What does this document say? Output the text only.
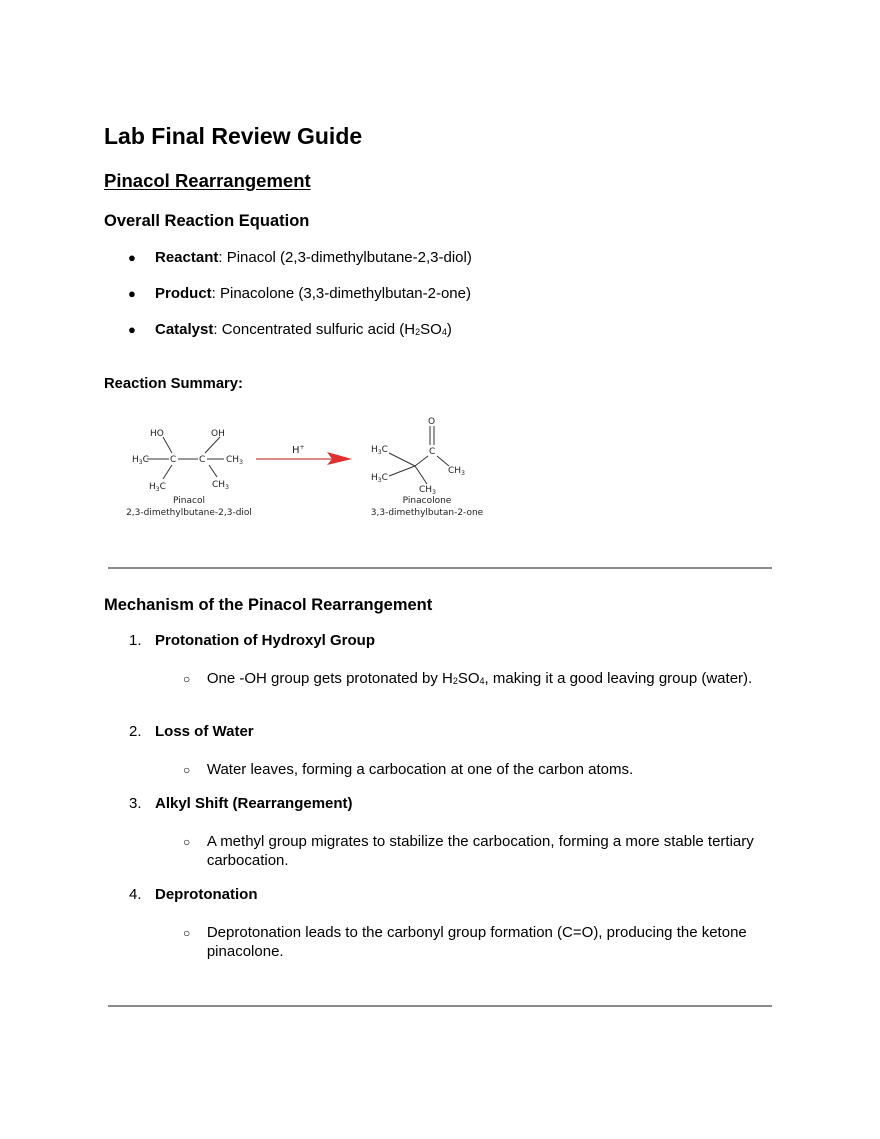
Lab Final Review Guide
Pinacol Rearrangement
Overall Reaction Equation
●	Reactant: Pinacol (2,3-dimethylbutane-2,3-diol)
●	Product: Pinacolone (3,3-dimethylbutan-2-one)
●	Catalyst: Concentrated sulfuric acid $(H_2SO_4)$
Reaction Summary:
HO	OH
C	C
$H_3C$	$CH_3$
$H_3C$	$CH_3$
H+
O
C
$H_3C$
$H_3C$
$CH_3$
$CH_3$
Pinacol
2,3-dimethylbutane-2,3-diol
Pinacolone
3,3-dimethylbutan-2-one
Mechanism of the Pinacol Rearrangement
1. Protonation of Hydroxyl Group
○	One -OH group gets protonated by $H_2SO_4$, making it a good leaving group (water).
2. Loss of Water
○	Water leaves, forming a carbocation at one of the carbon atoms.
3. Alkyl Shift (Rearrangement)
○	A methyl group migrates to stabilize the carbocation, forming a more stable tertiary carbocation.
4. Deprotonation
○	Deprotonation leads to the carbonyl group formation (C=O), producing the ketone pinacolone.
